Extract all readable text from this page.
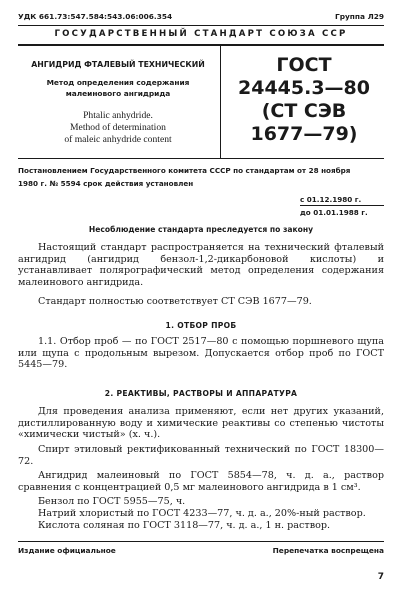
УДК 661.73:547.584:543.06:006.354	Группа Л29
ГОСУДАРСТВЕННЫЙ СТАНДАРТ СОЮЗА ССР
АНГИДРИД ФТАЛЕВЫЙ ТЕХНИЧЕСКИЙ
Метод определения содержания
малеинового ангидрида
Phtalic anhydride.
Method of determination
of maleic anhydride content
ГОСТ
24445.3—80
(СТ СЭВ
1677—79)
Постановлением Государственного комитета СССР по стандартам от 28 ноября
1980 г. № 5594 срок действия установлен
с 01.12.1980 г.
до 01.01.1988 г.
Несоблюдение стандарта преследуется по закону

Настоящий стандарт распространяется на технический фталевый ангидрид (ангидрид бензол-1,2-дикарбоновой кислоты) и устанавливает полярографический метод определения содержания малеинового ангидрида.

Стандарт полностью соответствует СТ СЭВ 1677—79.

1. ОТБОР ПРОБ

1.1. Отбор проб — по ГОСТ 2517—80 с помощью поршневого щупа или щупа с продольным вырезом. Допускается отбор проб по ГОСТ 5445—79.

2. РЕАКТИВЫ, РАСТВОРЫ И АППАРАТУРА

Для проведения анализа применяют, если нет других указаний, дистиллированную воду и химические реактивы со степенью чистоты «химически чистый» (х. ч.).

Спирт этиловый ректификованный технический по ГОСТ 18300—72.

Ангидрид малеиновый по ГОСТ 5854—78, ч. д. а., раствор сравнения с концентрацией 0,5 мг малеинового ангидрида в 1 см³.

Бензол по ГОСТ 5955—75, ч.

Натрий хлористый по ГОСТ 4233—77, ч. д. а., 20%-ный раствор.

Кислота соляная по ГОСТ 3118—77, ч. д. а., 1 н. раствор.

Издание официальное	Перепечатка воспрещена
7
